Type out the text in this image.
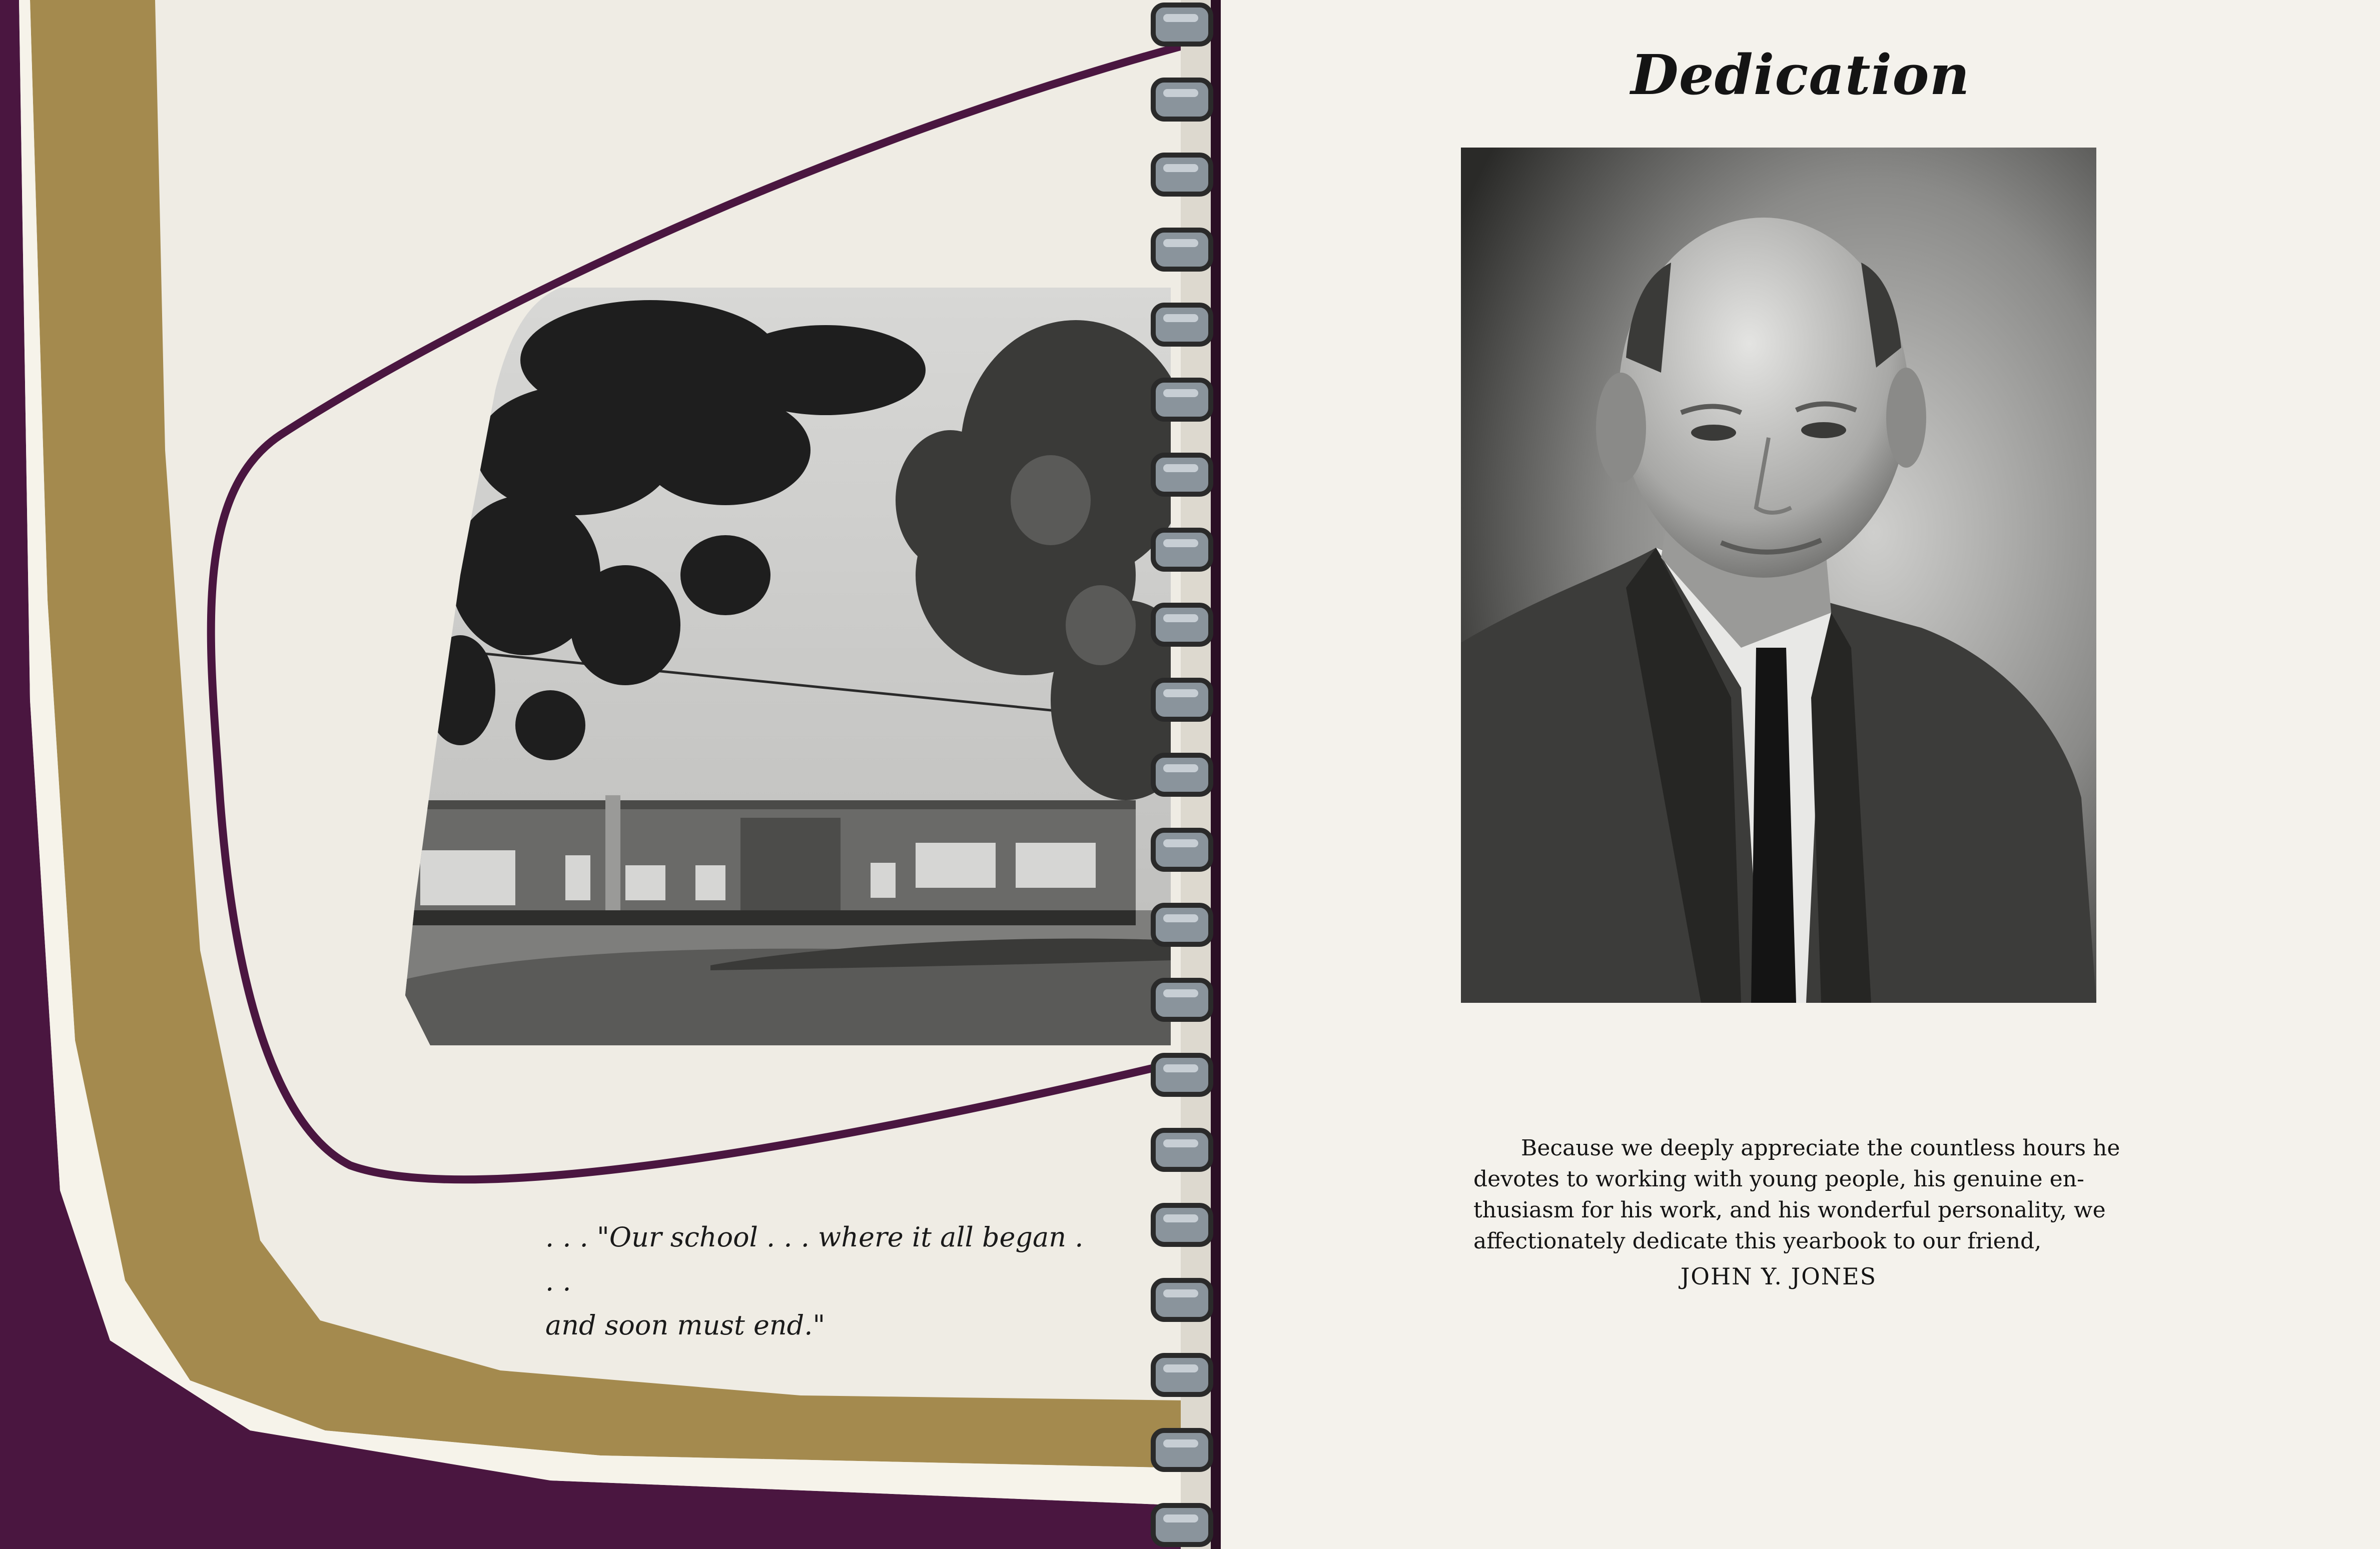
. . . "Our school . . . where it all began . . .
and soon must end."
Dedication
Because we deeply appreciate the countless hours he
devotes to working with young people, his genuine en-
thusiasm for his work, and his wonderful personality, we
affectionately dedicate this yearbook to our friend,
JOHN Y. JONES
